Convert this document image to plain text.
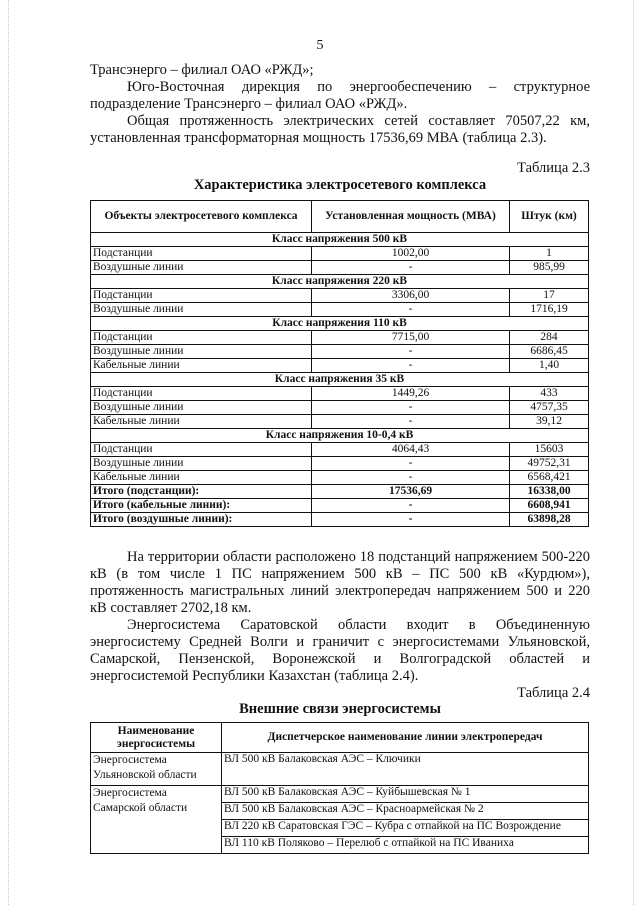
5

Трансэнерго – филиал ОАО «РЖД»;

Юго-Восточная дирекция по энергообеспечению – структурное подразделение Трансэнерго – филиал ОАО «РЖД».

Общая протяженность электрических сетей составляет 70507,22 км, установленная трансформаторная мощность 17536,69 МВА (таблица 2.3).

Таблица 2.3
Характеристика электросетевого комплекса
Объекты электросетевого комплекса	Установленная мощность (МВА)	Штук (км)
Класс напряжения 500 кВ		
Подстанции	1002,00	1
Воздушные линии	-	985,99
Класс напряжения 220 кВ		
Подстанции	3306,00	17
Воздушные линии	-	1716,19
Класс напряжения 110 кВ		
Подстанции	7715,00	284
Воздушные линии	-	6686,45
Кабельные линии	-	1,40
Класс напряжения 35 кВ		
Подстанции	1449,26	433
Воздушные линии	-	4757,35
Кабельные линии	-	39,12
Класс напряжения 10-0,4 кВ		
Подстанции	4064,43	15603
Воздушные линии	-	49752,31
Кабельные линии	-	6568,421
Итого (подстанции):	17536,69	16338,00
Итого (кабельные линии):	-	6608,941
Итого (воздушные линии):	-	63898,28

На территории области расположено 18 подстанций напряжением 500-220 кВ (в том числе 1 ПС напряжением 500 кВ – ПС 500 кВ «Курдюм»), протяженность магистральных линий электропередач напряжением 500 и 220 кВ составляет 2702,18 км.

Энергосистема Саратовской области входит в Объединенную энергосистему Средней Волги и граничит с энергосистемами Ульяновской, Самарской, Пензенской, Воронежской и Волгоградской областей и энергосистемой Республики Казахстан (таблица 2.4).

Таблица 2.4
Внешние связи энергосистемы
Наименование энергосистемы	Диспетчерское наименование линии электропередач
Энергосистема Ульяновской области	ВЛ 500 кВ Балаковская АЭС – Ключики
Энергосистема Самарской области	ВЛ 500 кВ Балаковская АЭС – Куйбышевская № 1
	ВЛ 500 кВ Балаковская АЭС – Красноармейская № 2
	ВЛ 220 кВ Саратовская ГЭС – Кубра с отпайкой на ПС Возрождение
	ВЛ 110 кВ Поляково – Перелюб с отпайкой на ПС Иваниха
